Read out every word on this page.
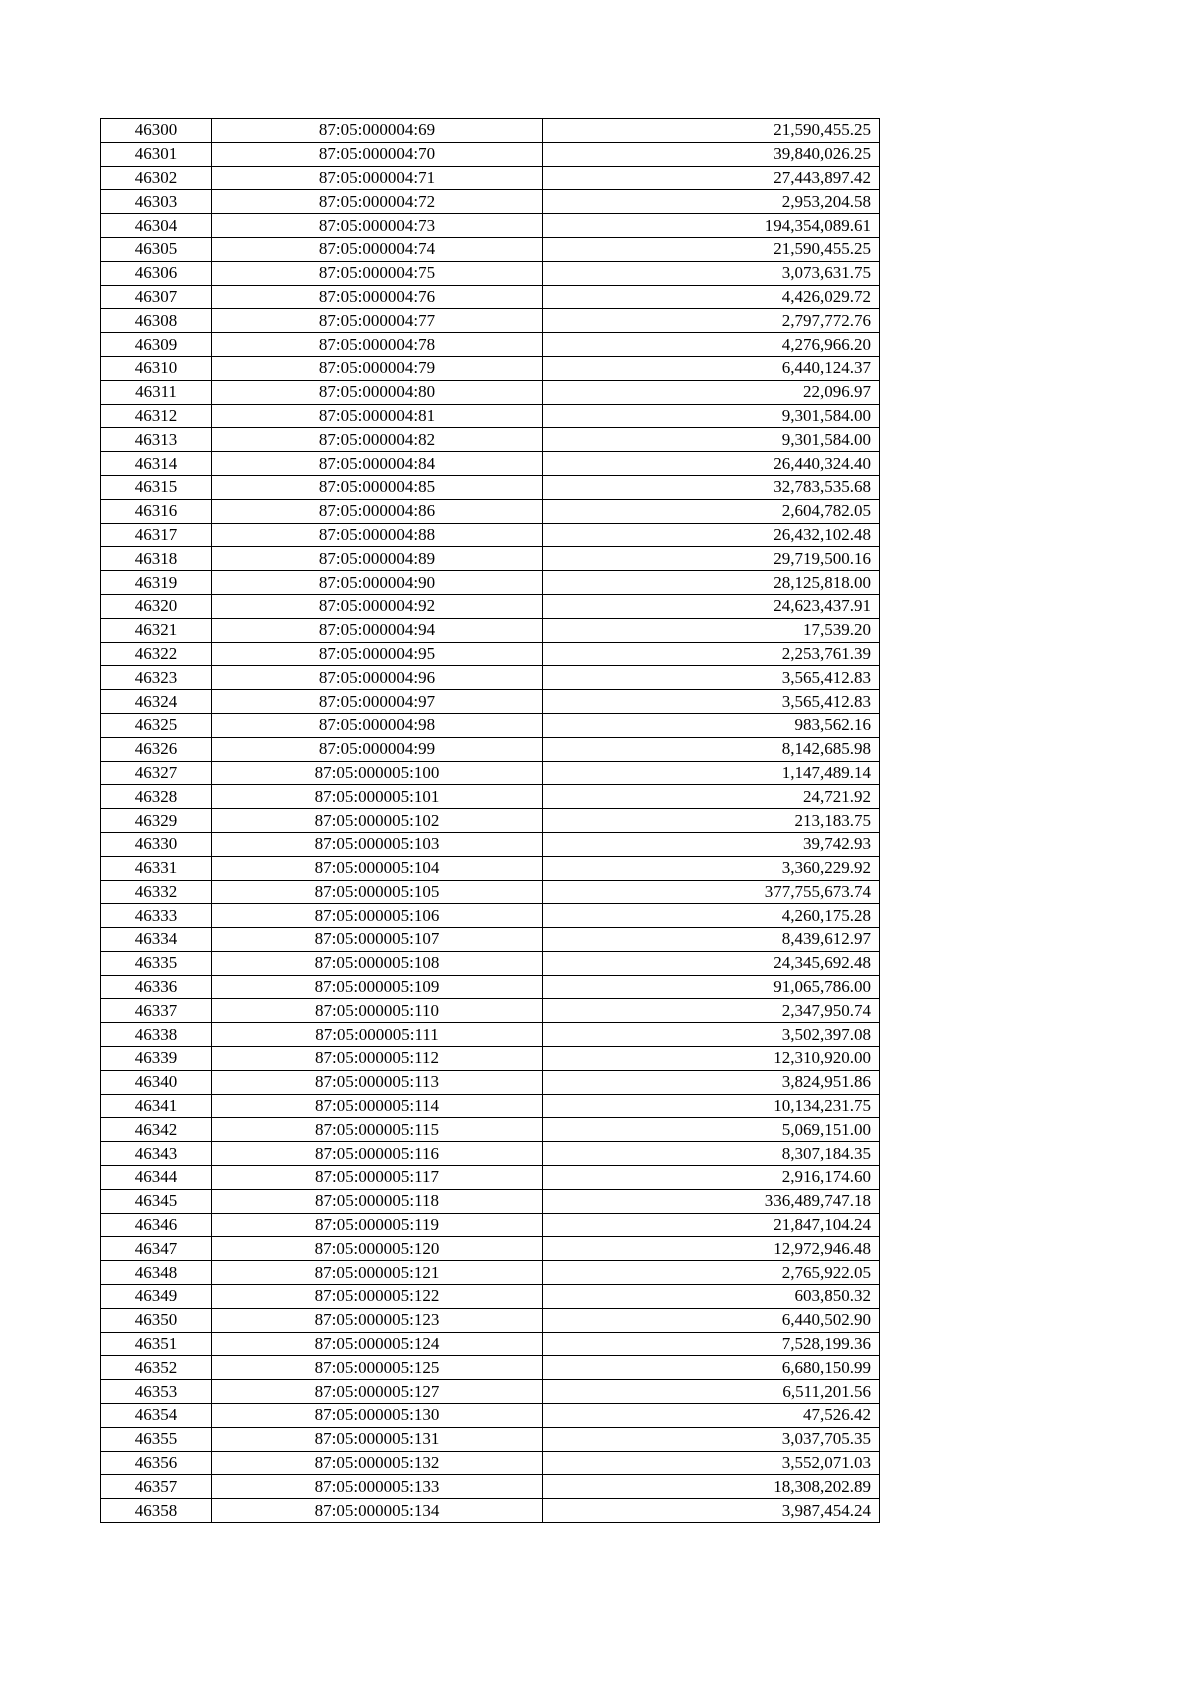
46300	87:05:000004:69	21,590,455.25
46301	87:05:000004:70	39,840,026.25
46302	87:05:000004:71	27,443,897.42
46303	87:05:000004:72	2,953,204.58
46304	87:05:000004:73	194,354,089.61
46305	87:05:000004:74	21,590,455.25
46306	87:05:000004:75	3,073,631.75
46307	87:05:000004:76	4,426,029.72
46308	87:05:000004:77	2,797,772.76
46309	87:05:000004:78	4,276,966.20
46310	87:05:000004:79	6,440,124.37
46311	87:05:000004:80	22,096.97
46312	87:05:000004:81	9,301,584.00
46313	87:05:000004:82	9,301,584.00
46314	87:05:000004:84	26,440,324.40
46315	87:05:000004:85	32,783,535.68
46316	87:05:000004:86	2,604,782.05
46317	87:05:000004:88	26,432,102.48
46318	87:05:000004:89	29,719,500.16
46319	87:05:000004:90	28,125,818.00
46320	87:05:000004:92	24,623,437.91
46321	87:05:000004:94	17,539.20
46322	87:05:000004:95	2,253,761.39
46323	87:05:000004:96	3,565,412.83
46324	87:05:000004:97	3,565,412.83
46325	87:05:000004:98	983,562.16
46326	87:05:000004:99	8,142,685.98
46327	87:05:000005:100	1,147,489.14
46328	87:05:000005:101	24,721.92
46329	87:05:000005:102	213,183.75
46330	87:05:000005:103	39,742.93
46331	87:05:000005:104	3,360,229.92
46332	87:05:000005:105	377,755,673.74
46333	87:05:000005:106	4,260,175.28
46334	87:05:000005:107	8,439,612.97
46335	87:05:000005:108	24,345,692.48
46336	87:05:000005:109	91,065,786.00
46337	87:05:000005:110	2,347,950.74
46338	87:05:000005:111	3,502,397.08
46339	87:05:000005:112	12,310,920.00
46340	87:05:000005:113	3,824,951.86
46341	87:05:000005:114	10,134,231.75
46342	87:05:000005:115	5,069,151.00
46343	87:05:000005:116	8,307,184.35
46344	87:05:000005:117	2,916,174.60
46345	87:05:000005:118	336,489,747.18
46346	87:05:000005:119	21,847,104.24
46347	87:05:000005:120	12,972,946.48
46348	87:05:000005:121	2,765,922.05
46349	87:05:000005:122	603,850.32
46350	87:05:000005:123	6,440,502.90
46351	87:05:000005:124	7,528,199.36
46352	87:05:000005:125	6,680,150.99
46353	87:05:000005:127	6,511,201.56
46354	87:05:000005:130	47,526.42
46355	87:05:000005:131	3,037,705.35
46356	87:05:000005:132	3,552,071.03
46357	87:05:000005:133	18,308,202.89
46358	87:05:000005:134	3,987,454.24
